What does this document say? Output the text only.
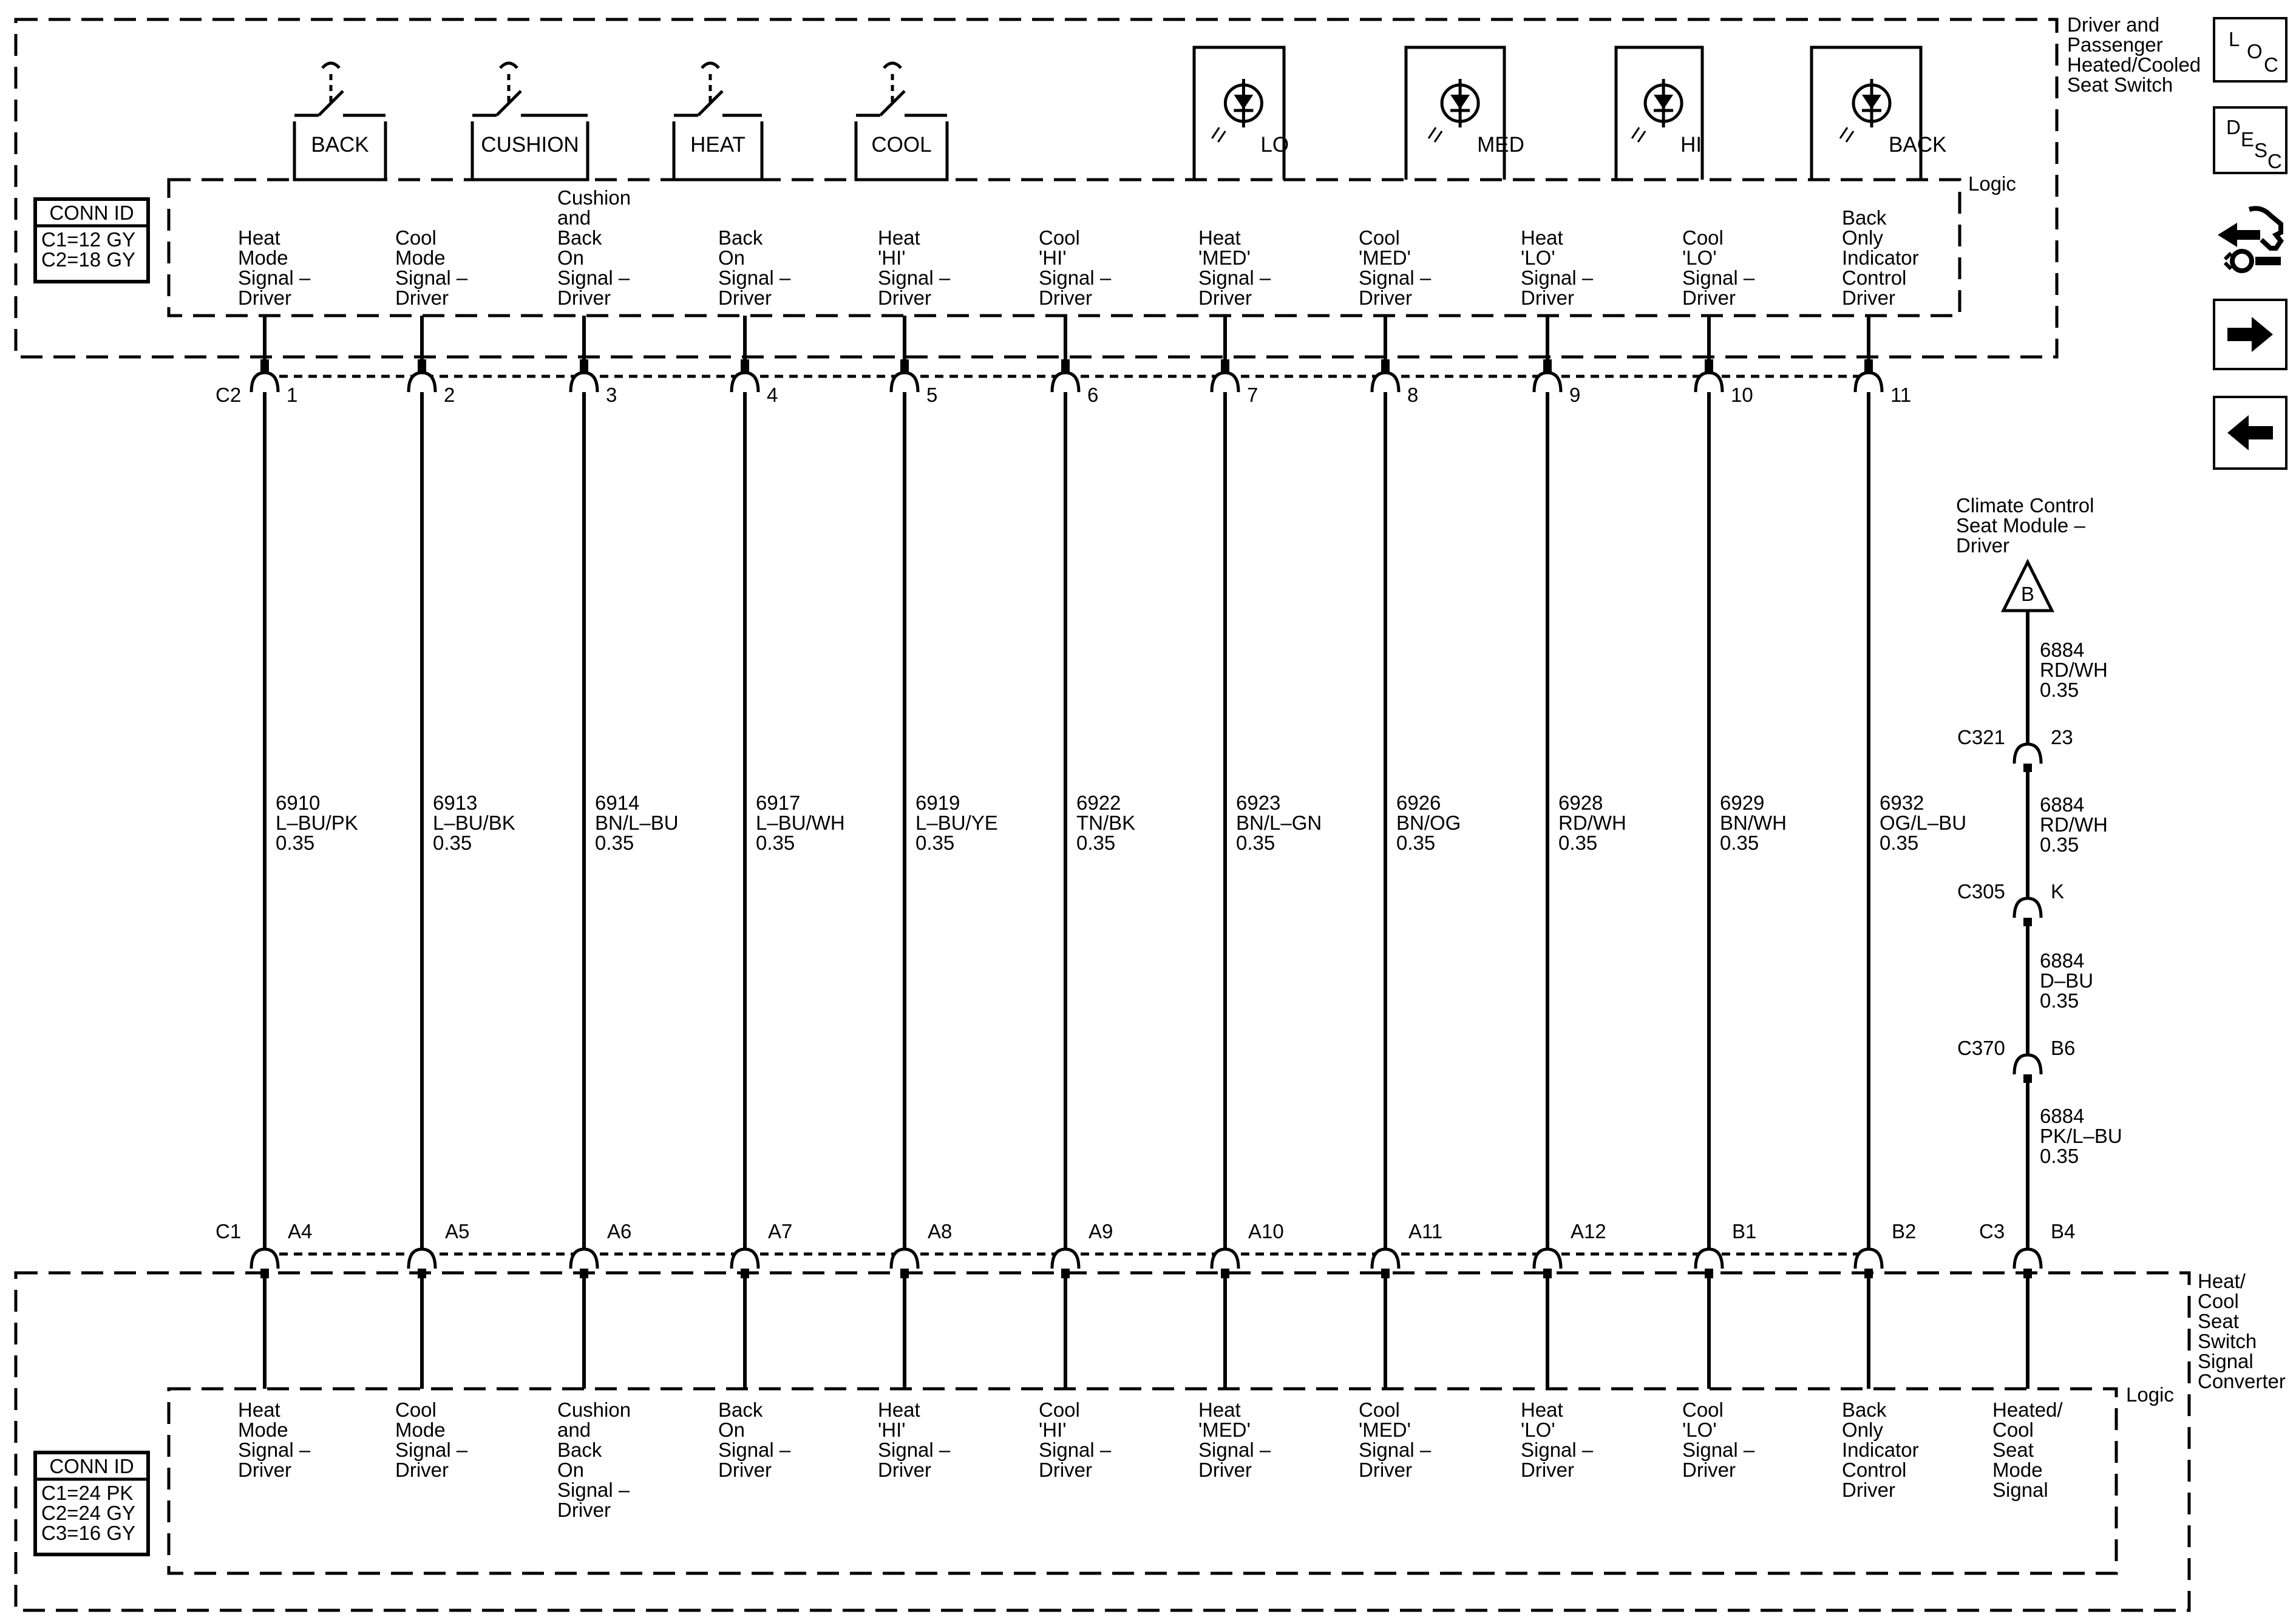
Driver and
Passenger
Heated/Cooled
Seat Switch
Logic
Heat/
Cool
Seat
Switch
Signal
Converter
Logic
CONN ID
C1=12 GY
C2=18 GY
CONN ID
C1=24 PK
C2=24 GY
C3=16 GY
BACK	CUSHION	HEAT	COOL	LO	MED	HI	BACK
C2
C1	C3
Heat
Mode
Signal –
Driver
1
6910
L–BU/PK
0.35
A4
Heat
Mode
Signal –
Driver
Cool
Mode
Signal –
Driver
2
6913
L–BU/BK
0.35
A5
Cool
Mode
Signal –
Driver
Cushion
and
Back
On
Signal –
Driver
3
6914
BN/L–BU
0.35
A6
Cushion
and
Back
On
Signal –
Driver
Back
On
Signal –
Driver
4
6917
L–BU/WH
0.35
A7
Back
On
Signal –
Driver
Heat
'HI'
Signal –
Driver
5
6919
L–BU/YE
0.35
A8
Heat
'HI'
Signal –
Driver
Cool
'HI'
Signal –
Driver
6
6922
TN/BK
0.35
A9
Cool
'HI'
Signal –
Driver
Heat
'MED'
Signal –
Driver
7
6923
BN/L–GN
0.35
A10
Heat
'MED'
Signal –
Driver
Cool
'MED'
Signal –
Driver
8
6926
BN/OG
0.35
A11
Cool
'MED'
Signal –
Driver
Heat
'LO'
Signal –
Driver
9
6928
RD/WH
0.35
A12
Heat
'LO'
Signal –
Driver
Cool
'LO'
Signal –
Driver
10
6929
BN/WH
0.35
B1
Cool
'LO'
Signal –
Driver
Back
Only
Indicator
Control
Driver
11
6932
OG/L–BU
0.35
B2
Back
Only
Indicator
Control
Driver
B
6884
RD/WH
0.35
6884
RD/WH
0.35
6884
D–BU
0.35
6884
PK/L–BU
0.35
C321 23
C305 K
C370 B6
B4
Heated/
Cool
Seat
Mode
Signal
Climate Control
Seat Module –
Driver
L
O
C
D
E S C
